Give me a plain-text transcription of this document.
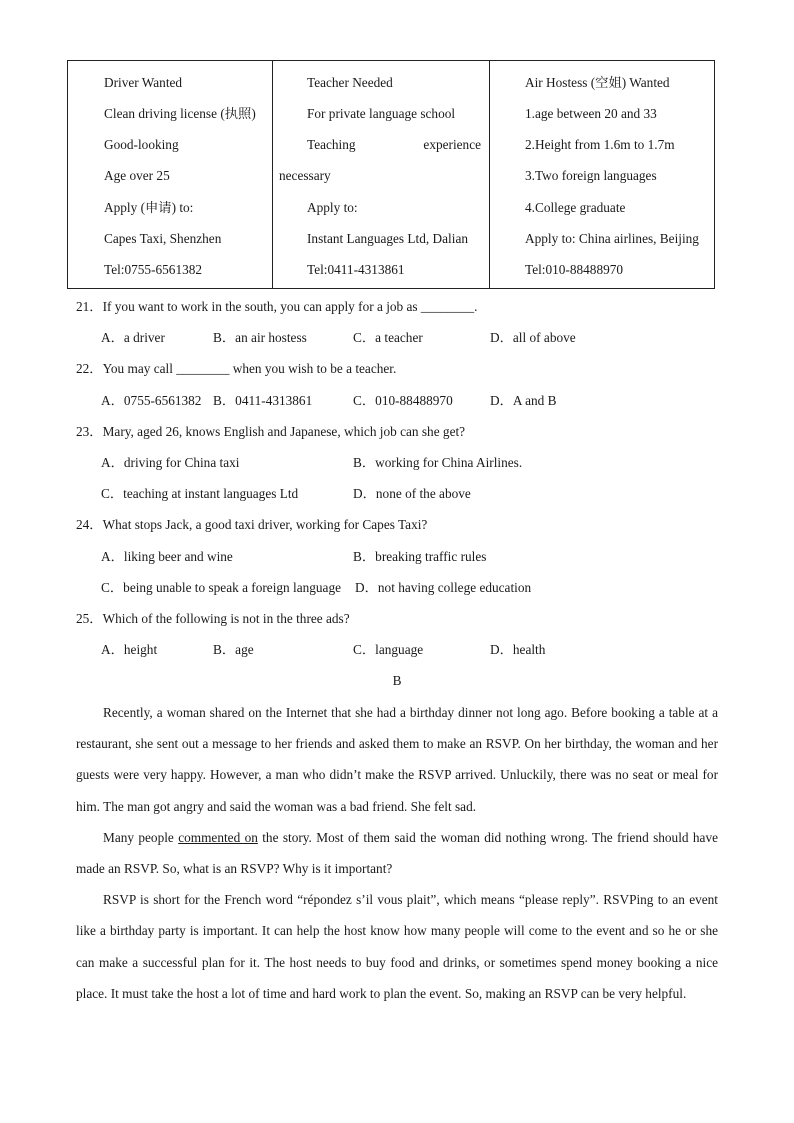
Driver Wanted
Clean driving license (执照)
Good-looking
Age over 25
Apply (申请) to:
Capes Taxi, Shenzhen
Tel:0755-6561382
Teacher Needed
For private language school
Teaching	experience
necessary
Apply to:
Instant Languages Ltd, Dalian
Tel:0411-4313861
Air Hostess (空姐) Wanted
1.age between 20 and 33
2.Height from 1.6m to 1.7m
3.Two foreign languages
4.College graduate
Apply to: China airlines, Beijing
Tel:010-88488970
21．If you want to work in the south, you can apply for a job as ________.
A．a driver	B．an air hostess	C．a teacher	D．all of above
22．You may call ________ when you wish to be a teacher.
A．0755-6561382 B．0411-4313861	C．010-88488970	D．A and B
23．Mary, aged 26, knows English and Japanese, which job can she get?
A．driving for China taxi	B．working for China Airlines.
C．teaching at instant languages Ltd	D．none of the above
24．What stops Jack, a good taxi driver, working for Capes Taxi?
A．liking beer and wine	B．breaking traffic rules
C．being unable to speak a foreign language D．not having college education
25．Which of the following is not in the three ads?
A．height	B．age	C．language	D．health
B

Recently, a woman shared on the Internet that she had a birthday dinner not long ago. Before booking a table at a restaurant, she sent out a message to her friends and asked them to make an RSVP. On her birthday, the woman and her guests were very happy. However, a man who didn’t make the RSVP arrived. Unluckily, there was no seat or meal for him. The man got angry and said the woman was a bad friend. She felt sad.

Many people commented on the story. Most of them said the woman did nothing wrong. The friend should have made an RSVP. So, what is an RSVP? Why is it important?

RSVP is short for the French word “répondez s’il vous plait”, which means “please reply”. RSVPing to an event like a birthday party is important. It can help the host know how many people will come to the event and so he or she can make a successful plan for it. The host needs to buy food and drinks, or sometimes spend money booking a nice place. It must take the host a lot of time and hard work to plan the event. So, making an RSVP can be very helpful.
